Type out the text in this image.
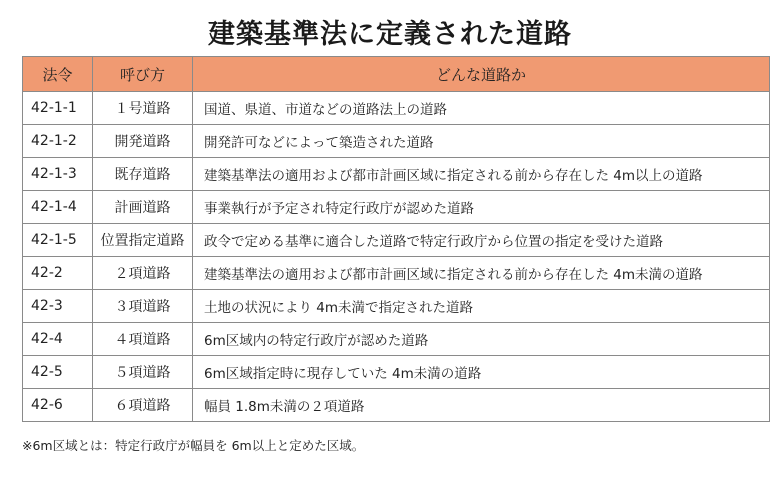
建築基準法に定義された道路
法令	呼び方	どんな道路か
42-1-1	１号道路	国道、県道、市道などの道路法上の道路
42-1-2	開発道路	開発許可などによって築造された道路
42-1-3	既存道路	建築基準法の適用および都市計画区域に指定される前から存在した 4m以上の道路
42-1-4	計画道路	事業執行が予定され特定行政庁が認めた道路
42-1-5	位置指定道路	政令で定める基準に適合した道路で特定行政庁から位置の指定を受けた道路
42-2	２項道路	建築基準法の適用および都市計画区域に指定される前から存在した 4m未満の道路
42-3	３項道路	土地の状況により 4m未満で指定された道路
42-4	４項道路	6m区域内の特定行政庁が認めた道路
42-5	５項道路	6m区域指定時に現存していた 4m未満の道路
42-6	６項道路	幅員 1.8m未満の２項道路
※6m区域とは：特定行政庁が幅員を 6m以上と定めた区域。
